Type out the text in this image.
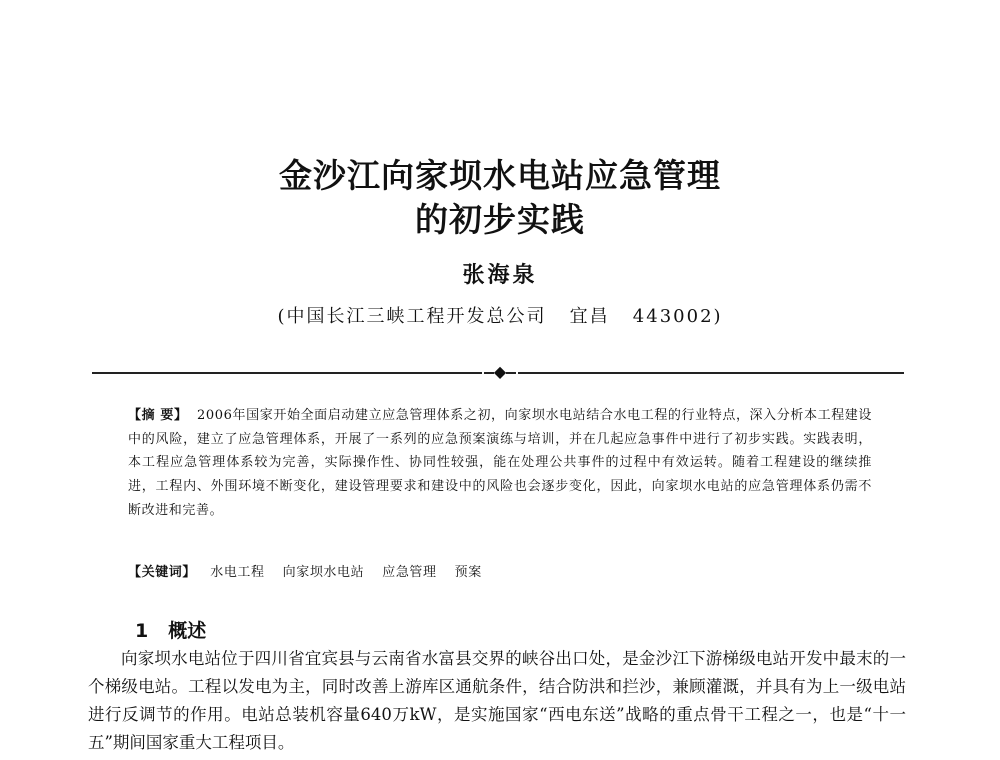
金沙江向家坝水电站应急管理
的初步实践
张海泉
(中国长江三峡工程开发总公司   宜昌   443002)
◆

【摘 要】 2006年国家开始全面启动建立应急管理体系之初，向家坝水电站结合水电工程的行业特点，深入分析本工程建设中的风险，建立了应急管理体系，开展了一系列的应急预案演练与培训，并在几起应急事件中进行了初步实践。实践表明，本工程应急管理体系较为完善，实际操作性、协同性较强，能在处理公共事件的过程中有效运转。随着工程建设的继续推进，工程内、外围环境不断变化，建设管理要求和建设中的风险也会逐步变化，因此，向家坝水电站的应急管理体系仍需不断改进和完善。

【关键词】 水电工程 向家坝水电站 应急管理 预案

1 概述

向家坝水电站位于四川省宜宾县与云南省水富县交界的峡谷出口处，是金沙江下游梯级电站开发中最末的一个梯级电站。工程以发电为主，同时改善上游库区通航条件，结合防洪和拦沙，兼顾灌溉，并具有为上一级电站进行反调节的作用。电站总装机容量640万kW，是实施国家“西电东送”战略的重点骨干工程之一，也是“十一五”期间国家重大工程项目。
